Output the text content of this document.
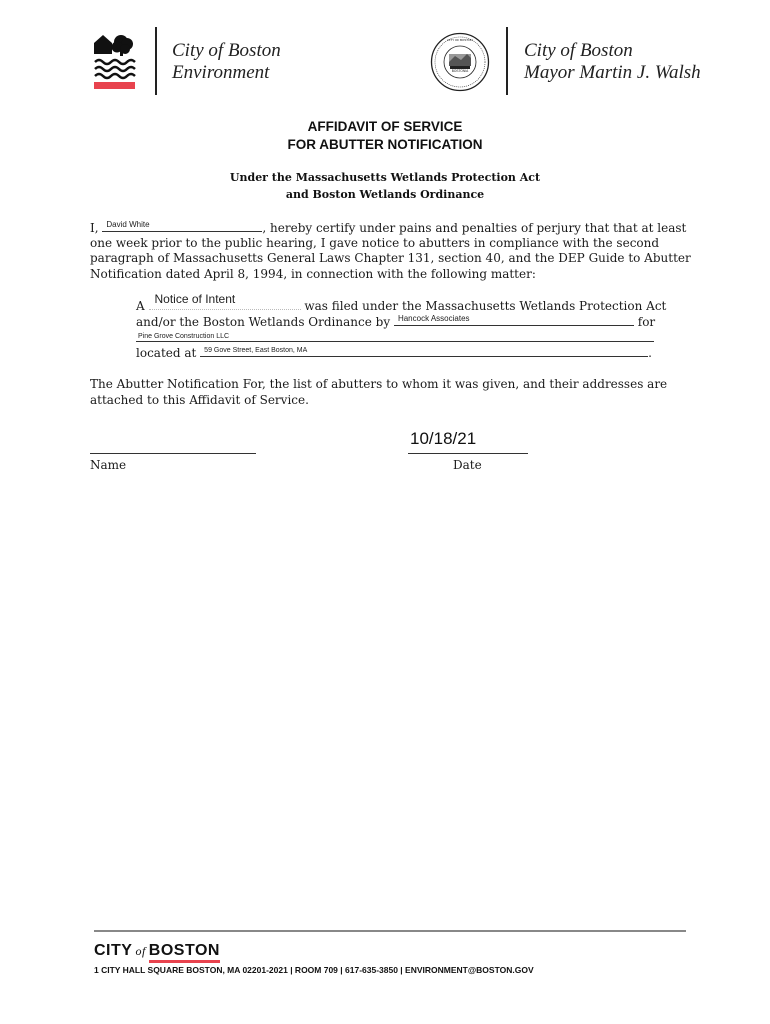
City of Boston
Environment	BOSTONIA
CITY OF BOSTON	City of Boston
Mayor Martin J. Walsh
AFFIDAVIT OF SERVICE
FOR ABUTTER NOTIFICATION
Under the Massachusetts Wetlands Protection Act
and Boston Wetlands Ordinance
I, David White	, hereby certify under pains and penalties of perjury that that at least
one week prior to the public hearing, I gave notice to abutters in compliance with the second
paragraph of Massachusetts General Laws Chapter 131, section 40, and the DEP Guide to Abutter
Notification dated April 8, 1994, in connection with the following matter:
A Notice of Intent	was filed under the Massachusetts Wetlands Protection Act
and/or the Boston Wetlands Ordinance by Hancock Associates	for
Pine Grove Construction LLC
located at 59 Gove Street, East Boston, MA	.
The Abutter Notification For, the list of abutters to whom it was given, and their addresses are
attached to this Affidavit of Service.
Name
10/18/21
Date
CITY of BOSTON
1 CITY HALL SQUARE BOSTON, MA 02201-2021 | ROOM 709 | 617-635-3850 | ENVIRONMENT@BOSTON.GOV
